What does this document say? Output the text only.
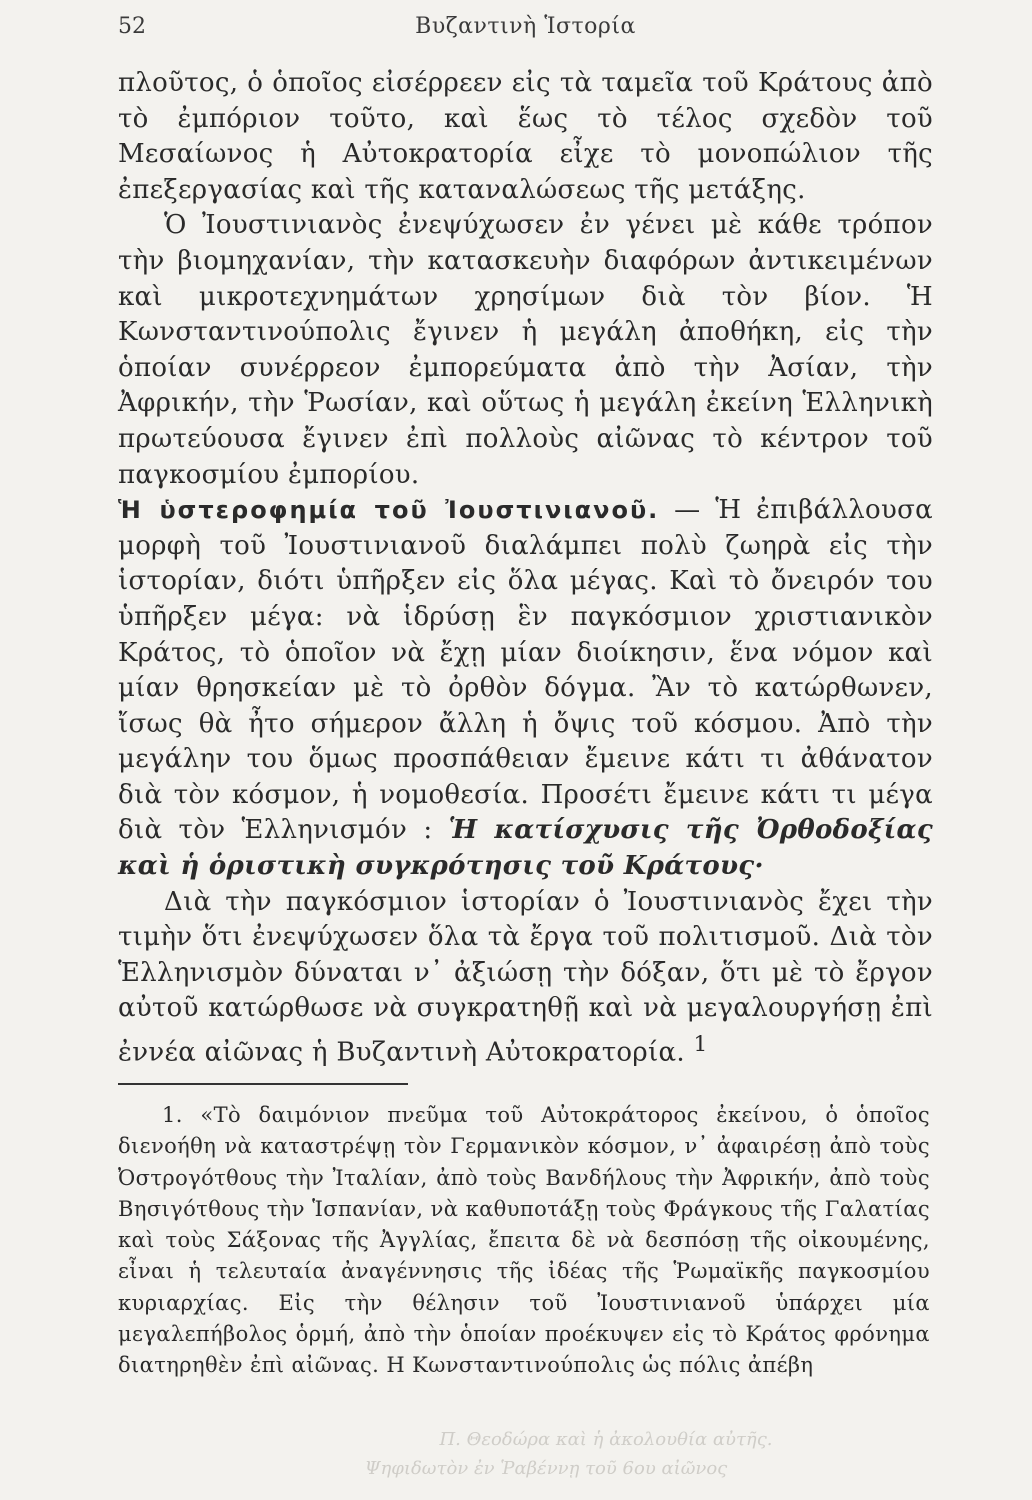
52	Βυζαντινὴ Ἱστορία

πλοῦτος, ὁ ὁποῖος εἰσέρρεεν εἰς τὰ ταμεῖα τοῦ Κράτους ἀπὸ τὸ ἐμπόριον τοῦτο, καὶ ἕως τὸ τέλος σχεδὸν τοῦ Μεσαίωνος ἡ Αὐτοκρατορία εἶχε τὸ μονοπώλιον τῆς ἐπεξεργασίας καὶ τῆς καταναλώσεως τῆς μετάξης.

Ὁ Ἰουστινιανὸς ἐνεψύχωσεν ἐν γένει μὲ κάθε τρόπον τὴν βιομηχανίαν, τὴν κατασκευὴν διαφόρων ἀντικειμένων καὶ μικροτεχνημάτων χρησίμων διὰ τὸν βίον. Ἡ Κωνσταντινούπολις ἔγινεν ἡ μεγάλη ἀποθήκη, εἰς τὴν ὁποίαν συνέρρεον ἐμπορεύματα ἀπὸ τὴν Ἀσίαν, τὴν Ἀφρικήν, τὴν Ῥωσίαν, καὶ οὕτως ἡ μεγάλη ἐκείνη Ἑλληνικὴ πρωτεύουσα ἔγινεν ἐπὶ πολλοὺς αἰῶνας τὸ κέντρον τοῦ παγκοσμίου ἐμπορίου.

Ἡ ὑστεροφημία τοῦ Ἰουστινιανοῦ. — Ἡ ἐπιβάλλουσα μορφὴ τοῦ Ἰουστινιανοῦ διαλάμπει πολὺ ζωηρὰ εἰς τὴν ἱστορίαν, διότι ὑπῆρξεν εἰς ὅλα μέγας. Καὶ τὸ ὄνειρόν του ὑπῆρξεν μέγα: νὰ ἱδρύσῃ ἓν παγκόσμιον χριστιανικὸν Κράτος, τὸ ὁποῖον νὰ ἔχῃ μίαν διοίκησιν, ἕνα νόμον καὶ μίαν θρησκείαν μὲ τὸ ὀρθὸν δόγμα. Ἂν τὸ κατώρθωνεν, ἴσως θὰ ἦτο σήμερον ἄλλη ἡ ὄψις τοῦ κόσμου. Ἀπὸ τὴν μεγάλην του ὅμως προσπάθειαν ἔμεινε κάτι τι ἀθάνατον διὰ τὸν κόσμον, ἡ νομοθεσία. Προσέτι ἔμεινε κάτι τι μέγα διὰ τὸν Ἑλληνισμόν : Ἡ κατίσχυσις τῆς Ὀρθοδοξίας καὶ ἡ ὁριστικὴ συγκρότησις τοῦ Κράτους·

Διὰ τὴν παγκόσμιον ἱστορίαν ὁ Ἰουστινιανὸς ἔχει τὴν τιμὴν ὅτι ἐνεψύχωσεν ὅλα τὰ ἔργα τοῦ πολιτισμοῦ. Διὰ τὸν Ἑλληνισμὸν δύναται ν᾽ ἀξιώσῃ τὴν δόξαν, ὅτι μὲ τὸ ἔργον αὐτοῦ κατώρθωσε νὰ συγκρατηθῇ καὶ νὰ μεγαλουργήσῃ ἐπὶ ἐννέα αἰῶνας ἡ Βυζαντινὴ Αὐτοκρατορία. $^1$

1. «Τὸ δαιμόνιον πνεῦμα τοῦ Αὐτοκράτορος ἐκείνου, ὁ ὁποῖος διενοήθη νὰ καταστρέψῃ τὸν Γερμανικὸν κόσμον, ν᾽ ἀφαιρέσῃ ἀπὸ τοὺς Ὀστρογότθους τὴν Ἰταλίαν, ἀπὸ τοὺς Βανδήλους τὴν Ἀφρικήν, ἀπὸ τοὺς Βησιγότθους τὴν Ἱσπανίαν, νὰ καθυποτάξῃ τοὺς Φράγκους τῆς Γαλατίας καὶ τοὺς Σάξονας τῆς Ἀγγλίας, ἔπειτα δὲ νὰ δεσπόσῃ τῆς οἰκουμένης, εἶναι ἡ τελευταία ἀναγέννησις τῆς ἰδέας τῆς Ῥωμαϊκῆς παγκοσμίου κυριαρχίας. Εἰς τὴν θέλησιν τοῦ Ἰουστινιανοῦ ὑπάρχει μία μεγαλεπήβολος ὁρμή, ἀπὸ τὴν ὁποίαν προέκυψεν εἰς τὸ Κράτος φρόνημα διατηρηθὲν ἐπὶ αἰῶνας. Η Κωνσταντινούπολις ὡς πόλις ἀπέβη

Π. Θεοδώρα καὶ ἡ ἀκολουθία αὐτῆς.
Ψηφιδωτὸν ἐν Ῥαβέννῃ τοῦ 6ου αἰῶνος
